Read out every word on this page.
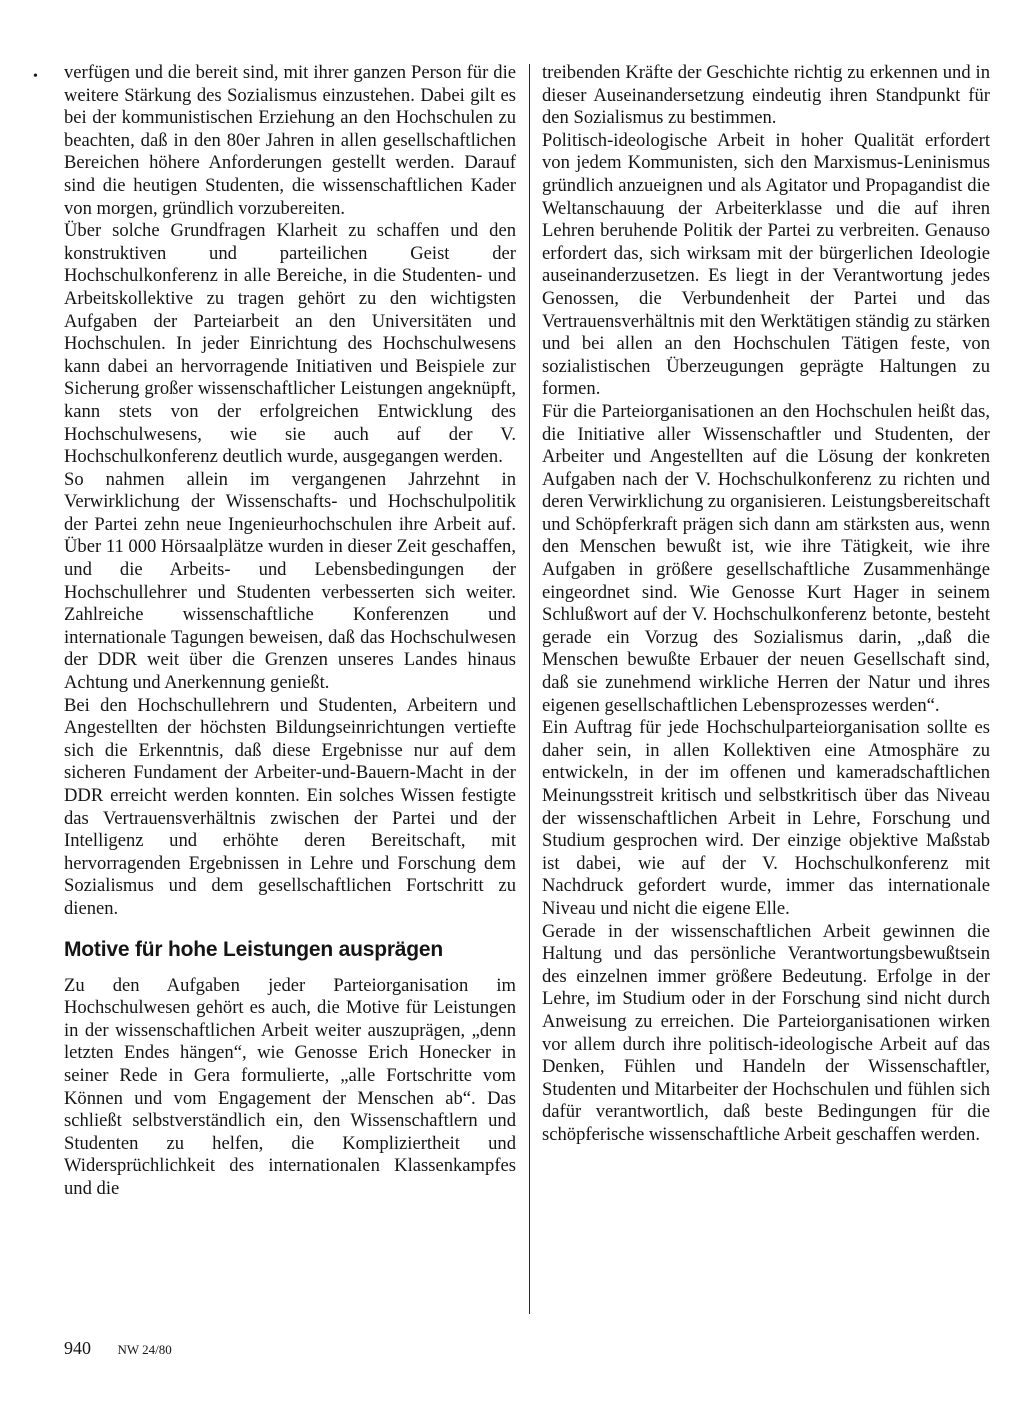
• verfügen und die bereit sind, mit ihrer ganzen Person für die weitere Stärkung des Sozialismus einzustehen. Dabei gilt es bei der kommunistischen Erziehung an den Hochschulen zu beachten, daß in den 80er Jahren in allen gesellschaftlichen Bereichen höhere Anforderungen gestellt werden. Darauf sind die heutigen Studenten, die wissenschaftlichen Kader von morgen, gründlich vorzubereiten.

Über solche Grundfragen Klarheit zu schaffen und den konstruktiven und parteilichen Geist der Hochschulkonferenz in alle Bereiche, in die Studenten- und Arbeitskollektive zu tragen gehört zu den wichtigsten Aufgaben der Parteiarbeit an den Universitäten und Hochschulen. In jeder Einrichtung des Hochschulwesens kann dabei an hervorragende Initiativen und Beispiele zur Sicherung großer wissenschaftlicher Leistungen angeknüpft, kann stets von der erfolgreichen Entwicklung des Hochschulwesens, wie sie auch auf der V. Hochschulkonferenz deutlich wurde, ausgegangen werden.

So nahmen allein im vergangenen Jahrzehnt in Verwirklichung der Wissenschafts- und Hochschulpolitik der Partei zehn neue Ingenieurhochschulen ihre Arbeit auf. Über 11 000 Hörsaalplätze wurden in dieser Zeit geschaffen, und die Arbeits- und Lebensbedingungen der Hochschullehrer und Studenten verbesserten sich weiter. Zahlreiche wissenschaftliche Konferenzen und internationale Tagungen beweisen, daß das Hochschulwesen der DDR weit über die Grenzen unseres Landes hinaus Achtung und Anerkennung genießt.

Bei den Hochschullehrern und Studenten, Arbeitern und Angestellten der höchsten Bildungseinrichtungen vertiefte sich die Erkenntnis, daß diese Ergebnisse nur auf dem sicheren Fundament der Arbeiter-und-Bauern-Macht in der DDR erreicht werden konnten. Ein solches Wissen festigte das Vertrauensverhältnis zwischen der Partei und der Intelligenz und erhöhte deren Bereitschaft, mit hervorragenden Ergebnissen in Lehre und Forschung dem Sozialismus und dem gesellschaftlichen Fortschritt zu dienen.

Motive für hohe Leistungen ausprägen

Zu den Aufgaben jeder Parteiorganisation im Hochschulwesen gehört es auch, die Motive für Leistungen in der wissenschaftlichen Arbeit weiter auszuprägen, „denn letzten Endes hängen“, wie Genosse Erich Honecker in seiner Rede in Gera formulierte, „alle Fortschritte vom Können und vom Engagement der Menschen ab“. Das schließt selbstverständlich ein, den Wissenschaftlern und Studenten zu helfen, die Kompliziertheit und Widersprüchlichkeit des internationalen Klassenkampfes und die

treibenden Kräfte der Geschichte richtig zu erkennen und in dieser Auseinandersetzung eindeutig ihren Standpunkt für den Sozialismus zu bestimmen.

Politisch-ideologische Arbeit in hoher Qualität erfordert von jedem Kommunisten, sich den Marxismus-Leninismus gründlich anzueignen und als Agitator und Propagandist die Weltanschauung der Arbeiterklasse und die auf ihren Lehren beruhende Politik der Partei zu verbreiten. Genauso erfordert das, sich wirksam mit der bürgerlichen Ideologie auseinanderzusetzen. Es liegt in der Verantwortung jedes Genossen, die Verbundenheit der Partei und das Vertrauensverhältnis mit den Werktätigen ständig zu stärken und bei allen an den Hochschulen Tätigen feste, von sozialistischen Überzeugungen geprägte Haltungen zu formen.

Für die Parteiorganisationen an den Hochschulen heißt das, die Initiative aller Wissenschaftler und Studenten, der Arbeiter und Angestellten auf die Lösung der konkreten Aufgaben nach der V. Hochschulkonferenz zu richten und deren Verwirklichung zu organisieren. Leistungsbereitschaft und Schöpferkraft prägen sich dann am stärksten aus, wenn den Menschen bewußt ist, wie ihre Tätigkeit, wie ihre Aufgaben in größere gesellschaftliche Zusammenhänge eingeordnet sind. Wie Genosse Kurt Hager in seinem Schlußwort auf der V. Hochschulkonferenz betonte, besteht gerade ein Vorzug des Sozialismus darin, „daß die Menschen bewußte Erbauer der neuen Gesellschaft sind, daß sie zunehmend wirkliche Herren der Natur und ihres eigenen gesellschaftlichen Lebensprozesses werden“.

Ein Auftrag für jede Hochschulparteiorganisation sollte es daher sein, in allen Kollektiven eine Atmosphäre zu entwickeln, in der im offenen und kameradschaftlichen Meinungsstreit kritisch und selbstkritisch über das Niveau der wissenschaftlichen Arbeit in Lehre, Forschung und Studium gesprochen wird. Der einzige objektive Maßstab ist dabei, wie auf der V. Hochschulkonferenz mit Nachdruck gefordert wurde, immer das internationale Niveau und nicht die eigene Elle.

Gerade in der wissenschaftlichen Arbeit gewinnen die Haltung und das persönliche Verantwortungsbewußtsein des einzelnen immer größere Bedeutung. Erfolge in der Lehre, im Studium oder in der Forschung sind nicht durch Anweisung zu erreichen. Die Parteiorganisationen wirken vor allem durch ihre politisch-ideologische Arbeit auf das Denken, Fühlen und Handeln der Wissenschaftler, Studenten und Mitarbeiter der Hochschulen und fühlen sich dafür verantwortlich, daß beste Bedingungen für die schöpferische wissenschaftliche Arbeit geschaffen werden.

940 NW 24/80
